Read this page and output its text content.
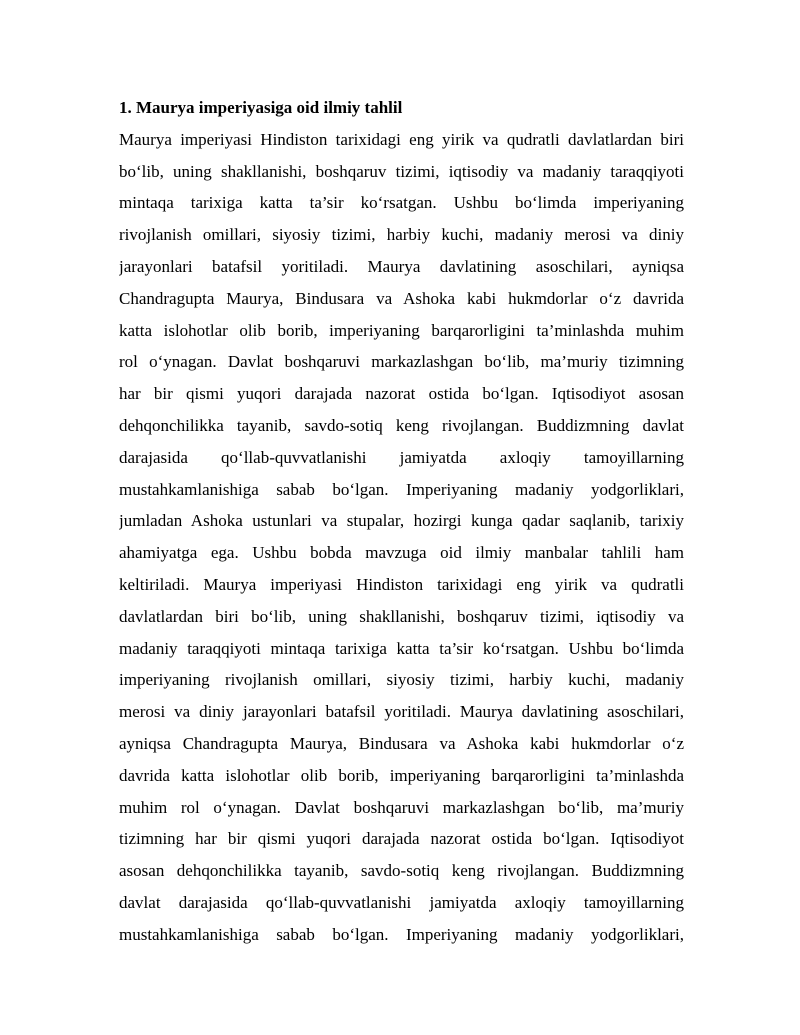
1. Maurya imperiyasiga oid ilmiy tahlil
Maurya imperiyasi Hindiston tarixidagi eng yirik va qudratli davlatlardan biri
bo‘lib, uning shakllanishi, boshqaruv tizimi, iqtisodiy va madaniy taraqqiyoti
mintaqa tarixiga katta ta’sir ko‘rsatgan. Ushbu bo‘limda imperiyaning
rivojlanish omillari, siyosiy tizimi, harbiy kuchi, madaniy merosi va diniy
jarayonlari batafsil yoritiladi. Maurya davlatining asoschilari, ayniqsa
Chandragupta Maurya, Bindusara va Ashoka kabi hukmdorlar o‘z davrida
katta islohotlar olib borib, imperiyaning barqarorligini ta’minlashda muhim
rol o‘ynagan. Davlat boshqaruvi markazlashgan bo‘lib, ma’muriy tizimning
har bir qismi yuqori darajada nazorat ostida bo‘lgan. Iqtisodiyot asosan
dehqonchilikka tayanib, savdo-sotiq keng rivojlangan. Buddizmning davlat
darajasida qo‘llab-quvvatlanishi jamiyatda axloqiy tamoyillarning
mustahkamlanishiga sabab bo‘lgan. Imperiyaning madaniy yodgorliklari,
jumladan Ashoka ustunlari va stupalar, hozirgi kunga qadar saqlanib, tarixiy
ahamiyatga ega. Ushbu bobda mavzuga oid ilmiy manbalar tahlili ham
keltiriladi. Maurya imperiyasi Hindiston tarixidagi eng yirik va qudratli
davlatlardan biri bo‘lib, uning shakllanishi, boshqaruv tizimi, iqtisodiy va
madaniy taraqqiyoti mintaqa tarixiga katta ta’sir ko‘rsatgan. Ushbu bo‘limda
imperiyaning rivojlanish omillari, siyosiy tizimi, harbiy kuchi, madaniy
merosi va diniy jarayonlari batafsil yoritiladi. Maurya davlatining asoschilari,
ayniqsa Chandragupta Maurya, Bindusara va Ashoka kabi hukmdorlar o‘z
davrida katta islohotlar olib borib, imperiyaning barqarorligini ta’minlashda
muhim rol o‘ynagan. Davlat boshqaruvi markazlashgan bo‘lib, ma’muriy
tizimning har bir qismi yuqori darajada nazorat ostida bo‘lgan. Iqtisodiyot
asosan dehqonchilikka tayanib, savdo-sotiq keng rivojlangan. Buddizmning
davlat darajasida qo‘llab-quvvatlanishi jamiyatda axloqiy tamoyillarning
mustahkamlanishiga sabab bo‘lgan. Imperiyaning madaniy yodgorliklari,
